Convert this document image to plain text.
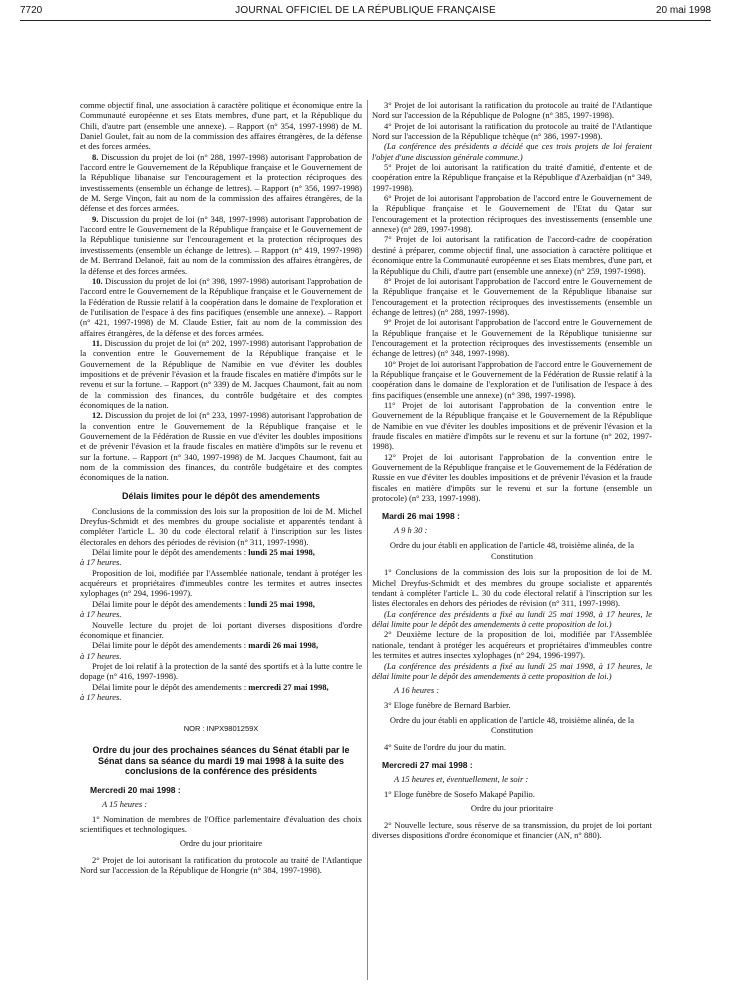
7720	JOURNAL OFFICIEL DE LA RÉPUBLIQUE FRANÇAISE	20 mai 1998

comme objectif final, une association à caractère politique et économique entre la Communauté européenne et ses Etats membres, d'une part, et la République du Chili, d'autre part (ensemble une annexe). – Rapport (n° 354, 1997-1998) de M. Daniel Goulet, fait au nom de la commission des affaires étrangères, de la défense et des forces armées.

8. Discussion du projet de loi (n° 288, 1997-1998) autorisant l'approbation de l'accord entre le Gouvernement de la République française et le Gouvernement de la République libanaise sur l'encouragement et la protection réciproques des investissements (ensemble un échange de lettres). – Rapport (n° 356, 1997-1998) de M. Serge Vinçon, fait au nom de la commission des affaires étrangères, de la défense et des forces armées.

9. Discussion du projet de loi (n° 348, 1997-1998) autorisant l'approbation de l'accord entre le Gouvernement de la République française et le Gouvernement de la République tunisienne sur l'encouragement et la protection réciproques des investissements (ensemble un échange de lettres). – Rapport (n° 419, 1997-1998) de M. Bertrand Delanoë, fait au nom de la commission des affaires étrangères, de la défense et des forces armées.

10. Discussion du projet de loi (n° 398, 1997-1998) autorisant l'approbation de l'accord entre le Gouvernement de la République française et le Gouvernement de la Fédération de Russie relatif à la coopération dans le domaine de l'exploration et de l'utilisation de l'espace à des fins pacifiques (ensemble une annexe). – Rapport (n° 421, 1997-1998) de M. Claude Estier, fait au nom de la commission des affaires étrangères, de la défense et des forces armées.

11. Discussion du projet de loi (n° 202, 1997-1998) autorisant l'approbation de la convention entre le Gouvernement de la République française et le Gouvernement de la République de Namibie en vue d'éviter les doubles impositions et de prévenir l'évasion et la fraude fiscales en matière d'impôts sur le revenu et sur la fortune. – Rapport (n° 339) de M. Jacques Chaumont, fait au nom de la commission des finances, du contrôle budgétaire et des comptes économiques de la nation.

12. Discussion du projet de loi (n° 233, 1997-1998) autorisant l'approbation de la convention entre le Gouvernement de la République française et le Gouvernement de la Fédération de Russie en vue d'éviter les doubles impositions et de prévenir l'évasion et la fraude fiscales en matière d'impôts sur le revenu et sur la fortune. – Rapport (n° 340, 1997-1998) de M. Jacques Chaumont, fait au nom de la commission des finances, du contrôle budgétaire et des comptes économiques de la nation.

Délais limites pour le dépôt des amendements

Conclusions de la commission des lois sur la proposition de loi de M. Michel Dreyfus-Schmidt et des membres du groupe socialiste et apparentés tendant à compléter l'article L. 30 du code électoral relatif à l'inscription sur les listes électorales en dehors des périodes de révision (n° 311, 1997-1998).

Délai limite pour le dépôt des amendements : lundi 25 mai 1998,
à 17 heures.

Proposition de loi, modifiée par l'Assemblée nationale, tendant à protéger les acquéreurs et propriétaires d'immeubles contre les termites et autres insectes xylophages (n° 294, 1996-1997).

Délai limite pour le dépôt des amendements : lundi 25 mai 1998,
à 17 heures.

Nouvelle lecture du projet de loi portant diverses dispositions d'ordre économique et financier.

Délai limite pour le dépôt des amendements : mardi 26 mai 1998,
à 17 heures.

Projet de loi relatif à la protection de la santé des sportifs et à la lutte contre le dopage (n° 416, 1997-1998).

Délai limite pour le dépôt des amendements : mercredi 27 mai 1998,
à 17 heures.

NOR : INPX9801259X
Ordre du jour des prochaines séances du Sénat établi par le Sénat dans sa séance du mardi 19 mai 1998 à la suite des conclusions de la conférence des présidents
Mercredi 20 mai 1998 :
A 15 heures :

1° Nomination de membres de l'Office parlementaire d'évaluation des choix scientifiques et technologiques.

Ordre du jour prioritaire

2° Projet de loi autorisant la ratification du protocole au traité de l'Atlantique Nord sur l'accession de la République de Hongrie (n° 384, 1997-1998).

3° Projet de loi autorisant la ratification du protocole au traité de l'Atlantique Nord sur l'accession de la République de Pologne (n° 385, 1997-1998).

4° Projet de loi autorisant la ratification du protocole au traité de l'Atlantique Nord sur l'accession de la République tchèque (n° 386, 1997-1998).

(La conférence des présidents a décidé que ces trois projets de loi feraient l'objet d'une discussion générale commune.)

5° Projet de loi autorisant la ratification du traité d'amitié, d'entente et de coopération entre la République française et la République d'Azerbaïdjan (n° 349, 1997-1998).

6° Projet de loi autorisant l'approbation de l'accord entre le Gouvernement de la République française et le Gouvernement de l'Etat du Qatar sur l'encouragement et la protection réciproques des investissements (ensemble une annexe) (n° 289, 1997-1998).

7° Projet de loi autorisant la ratification de l'accord-cadre de coopération destiné à préparer, comme objectif final, une association à caractère politique et économique entre la Communauté européenne et ses Etats membres, d'une part, et la République du Chili, d'autre part (ensemble une annexe) (n° 259, 1997-1998).

8° Projet de loi autorisant l'approbation de l'accord entre le Gouvernement de la République française et le Gouvernement de la République libanaise sur l'encouragement et la protection réciproques des investissements (ensemble un échange de lettres) (n° 288, 1997-1998).

9° Projet de loi autorisant l'approbation de l'accord entre le Gouvernement de la République française et le Gouvernement de la République tunisienne sur l'encouragement et la protection réciproques des investissements (ensemble un échange de lettres) (n° 348, 1997-1998).

10° Projet de loi autorisant l'approbation de l'accord entre le Gouvernement de la République française et le Gouvernement de la Fédération de Russie relatif à la coopération dans le domaine de l'exploration et de l'utilisation de l'espace à des fins pacifiques (ensemble une annexe) (n° 398, 1997-1998).

11° Projet de loi autorisant l'approbation de la convention entre le Gouvernement de la République française et le Gouvernement de la République de Namibie en vue d'éviter les doubles impositions et de prévenir l'évasion et la fraude fiscales en matière d'impôts sur le revenu et sur la fortune (n° 202, 1997-1998).

12° Projet de loi autorisant l'approbation de la convention entre le Gouvernement de la République française et le Gouvernement de la Fédération de Russie en vue d'éviter les doubles impositions et de prévenir l'évasion et la fraude fiscales en matière d'impôts sur le revenu et sur la fortune (ensemble un protocole) (n° 233, 1997-1998).

Mardi 26 mai 1998 :
A 9 h 30 :
Ordre du jour établi en application de l'article 48, troisième alinéa, de la Constitution

1° Conclusions de la commission des lois sur la proposition de loi de M. Michel Dreyfus-Schmidt et des membres du groupe socialiste et apparentés tendant à compléter l'article L. 30 du code électoral relatif à l'inscription sur les listes électorales en dehors des périodes de révision (n° 311, 1997-1998).

(La conférence des présidents a fixé au lundi 25 mai 1998, à 17 heures, le délai limite pour le dépôt des amendements à cette proposition de loi.)

2° Deuxième lecture de la proposition de loi, modifiée par l'Assemblée nationale, tendant à protéger les acquéreurs et propriétaires d'immeubles contre les termites et autres insectes xylophages (n° 294, 1996-1997).

(La conférence des présidents a fixé au lundi 25 mai 1998, à 17 heures, le délai limite pour le dépôt des amendements à cette proposition de loi.)

A 16 heures :

3° Eloge funèbre de Bernard Barbier.

Ordre du jour établi en application de l'article 48, troisième alinéa, de la Constitution

4° Suite de l'ordre du jour du matin.

Mercredi 27 mai 1998 :
A 15 heures et, éventuellement, le soir :

1° Eloge funèbre de Sosefo Makapé Papilio.

Ordre du jour prioritaire

2° Nouvelle lecture, sous réserve de sa transmission, du projet de loi portant diverses dispositions d'ordre économique et financier (AN, n° 880).
